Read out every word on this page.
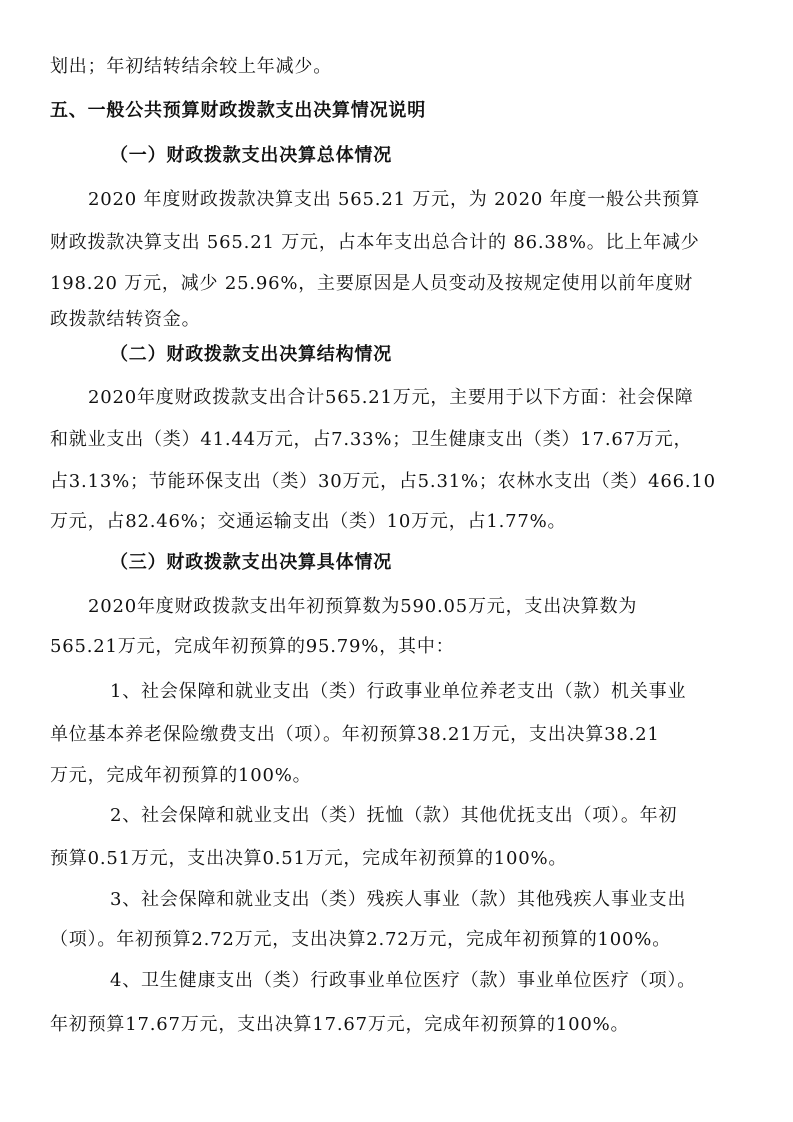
划出；年初结转结余较上年减少。
五、一般公共预算财政拨款支出决算情况说明
（一）财政拨款支出决算总体情况
2020 年度财政拨款决算支出 565.21 万元，为 2020 年度一般公共预算
财政拨款决算支出 565.21 万元，占本年支出总合计的 86.38%。比上年减少
198.20 万元，减少 25.96%，主要原因是人员变动及按规定使用以前年度财
政拨款结转资金。
（二）财政拨款支出决算结构情况
2020年度财政拨款支出合计565.21万元，主要用于以下方面：社会保障
和就业支出（类）41.44万元，占7.33%；卫生健康支出（类）17.67万元，
占3.13%；节能环保支出（类）30万元，占5.31%；农林水支出（类）466.10
万元，占82.46%；交通运输支出（类）10万元，占1.77%。
（三）财政拨款支出决算具体情况
2020年度财政拨款支出年初预算数为590.05万元，支出决算数为
565.21万元，完成年初预算的95.79%，其中：
1、社会保障和就业支出（类）行政事业单位养老支出（款）机关事业
单位基本养老保险缴费支出（项）。年初预算38.21万元，支出决算38.21
万元，完成年初预算的100%。
2、社会保障和就业支出（类）抚恤（款）其他优抚支出（项）。年初
预算0.51万元，支出决算0.51万元，完成年初预算的100%。
3、社会保障和就业支出（类）残疾人事业（款）其他残疾人事业支出
（项）。年初预算2.72万元，支出决算2.72万元，完成年初预算的100%。
4、卫生健康支出（类）行政事业单位医疗（款）事业单位医疗（项）。
年初预算17.67万元，支出决算17.67万元，完成年初预算的100%。
